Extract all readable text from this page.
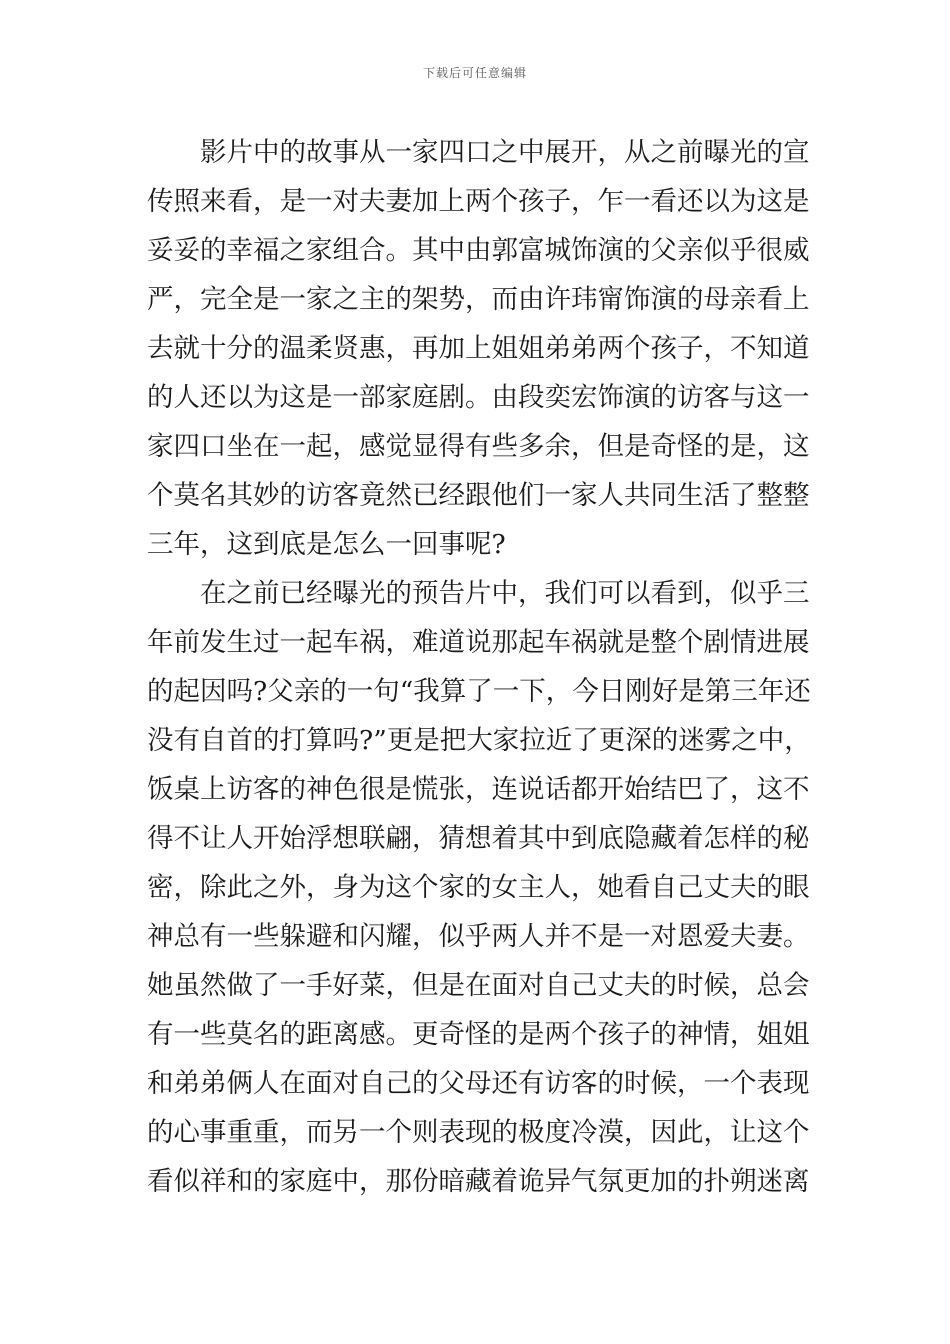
下载后可任意编辑
影片中的故事从一家四口之中展开，从之前曝光的宣
传照来看，是一对夫妻加上两个孩子，乍一看还以为这是
妥妥的幸福之家组合。其中由郭富城饰演的父亲似乎很威
严，完全是一家之主的架势，而由许玮甯饰演的母亲看上
去就十分的温柔贤惠，再加上姐姐弟弟两个孩子，不知道
的人还以为这是一部家庭剧。由段奕宏饰演的访客与这一
家四口坐在一起，感觉显得有些多余，但是奇怪的是，这
个莫名其妙的访客竟然已经跟他们一家人共同生活了整整
三年，这到底是怎么一回事呢?
在之前已经曝光的预告片中，我们可以看到，似乎三
年前发生过一起车祸，难道说那起车祸就是整个剧情进展
的起因吗?父亲的一句“我算了一下，今日刚好是第三年还
没有自首的打算吗?”更是把大家拉近了更深的迷雾之中，
饭桌上访客的神色很是慌张，连说话都开始结巴了，这不
得不让人开始浮想联翩，猜想着其中到底隐藏着怎样的秘
密，除此之外，身为这个家的女主人，她看自己丈夫的眼
神总有一些躲避和闪耀，似乎两人并不是一对恩爱夫妻。
她虽然做了一手好菜，但是在面对自己丈夫的时候，总会
有一些莫名的距离感。更奇怪的是两个孩子的神情，姐姐
和弟弟俩人在面对自己的父母还有访客的时候，一个表现
的心事重重，而另一个则表现的极度冷漠，因此，让这个
看似祥和的家庭中，那份暗藏着诡异气氛更加的扑朔迷离
